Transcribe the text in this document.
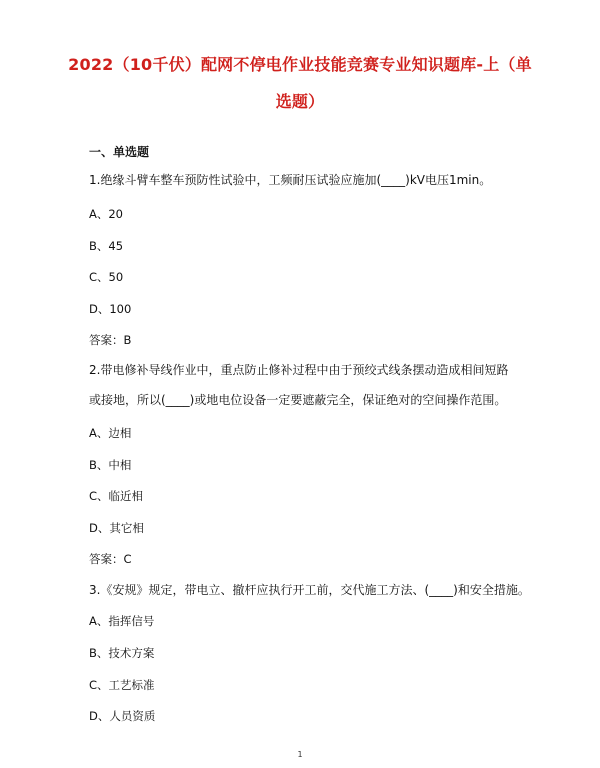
2022（10千伏）配网不停电作业技能竞赛专业知识题库-上（单
选题）
一、单选题
1.绝缘斗臂车整车预防性试验中，工频耐压试验应施加(____)kV电压1min。
A、20
B、45
C、50
D、100
答案：B
2.带电修补导线作业中，重点防止修补过程中由于预绞式线条摆动造成相间短路
或接地，所以(____)或地电位设备一定要遮蔽完全，保证绝对的空间操作范围。
A、边相
B、中相
C、临近相
D、其它相
答案：C
3.《安规》规定，带电立、撤杆应执行开工前，交代施工方法、(____)和安全措施。
A、指挥信号
B、技术方案
C、工艺标准
D、人员资质
1
